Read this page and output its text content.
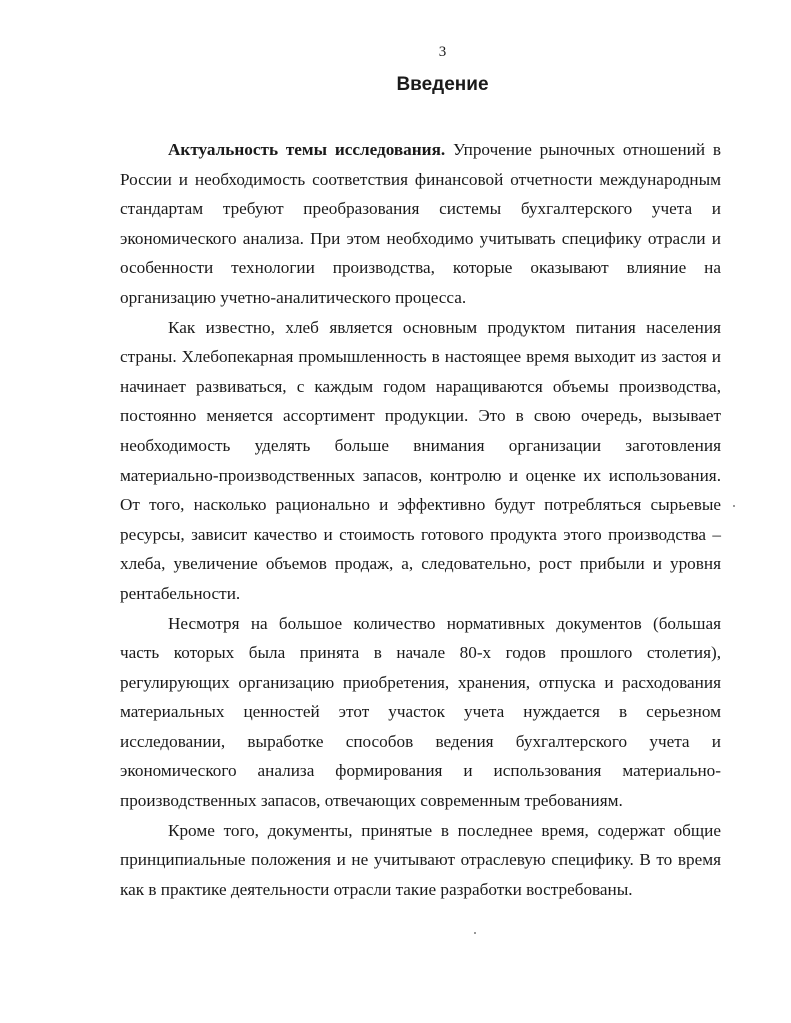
3
Введение

Актуальность темы исследования. Упрочение рыночных отношений в России и необходимость соответствия финансовой отчетности международным стандартам требуют преобразования системы бухгалтерского учета и экономического анализа. При этом необходимо учитывать специфику отрасли и особенности технологии производства, которые оказывают влияние на организацию учетно-аналитического процесса.

Как известно, хлеб является основным продуктом питания населения страны. Хлебопекарная промышленность в настоящее время выходит из застоя и начинает развиваться, с каждым годом наращиваются объемы производства, постоянно меняется ассортимент продукции. Это в свою очередь, вызывает необходимость уделять больше внимания организации заготовления материально-производственных запасов, контролю и оценке их использования. От того, насколько рационально и эффективно будут потребляться сырьевые ресурсы, зависит качество и стоимость готового продукта этого производства – хлеба, увеличение объемов продаж, а, следовательно, рост прибыли и уровня рентабельности.

Несмотря на большое количество нормативных документов (большая часть которых была принята в начале 80-х годов прошлого столетия), регулирующих организацию приобретения, хранения, отпуска и расходования материальных ценностей этот участок учета нуждается в серьезном исследовании, выработке способов ведения бухгалтерского учета и экономического анализа формирования и использования материально-производственных запасов, отвечающих современным требованиям.

Кроме того, документы, принятые в последнее время, содержат общие принципиальные положения и не учитывают отраслевую специфику. В то время как в практике деятельности отрасли такие разработки востребованы.
